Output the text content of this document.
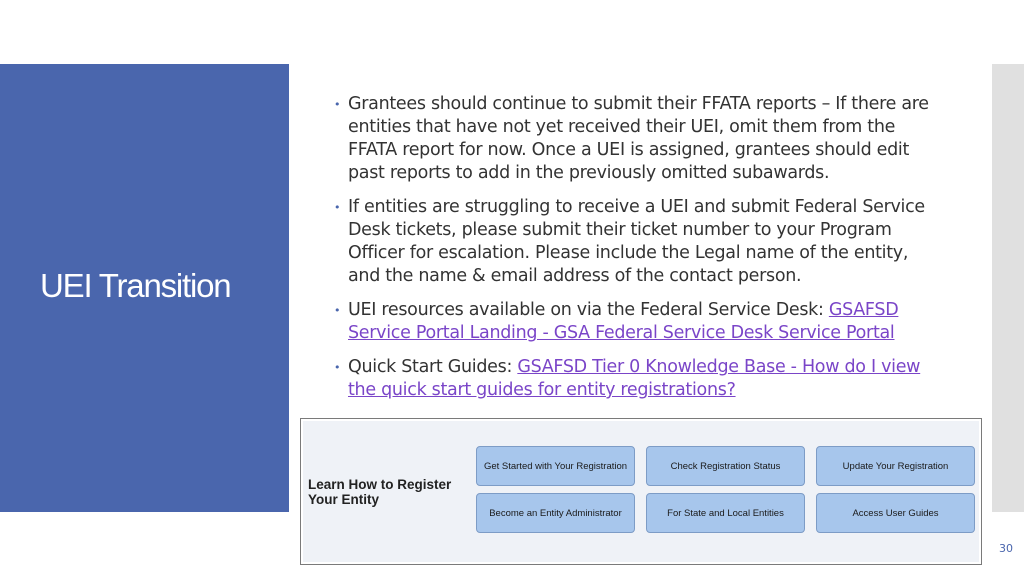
UEI Transition
• Grantees should continue to submit their FFATA reports – If there are entities that have not yet received their UEI, omit them from the FFATA report for now. Once a UEI is assigned, grantees should edit past reports to add in the previously omitted subawards.
• If entities are struggling to receive a UEI and submit Federal Service Desk tickets, please submit their ticket number to your Program Officer for escalation. Please include the Legal name of the entity, and the name & email address of the contact person.
• UEI resources available on via the Federal Service Desk: GSAFSD Service Portal Landing - GSA Federal Service Desk Service Portal
• Quick Start Guides: GSAFSD Tier 0 Knowledge Base - How do I view the quick start guides for entity registrations?
Learn How to Register Your Entity
Get Started with Your Registration	Check Registration Status	Update Your Registration
Become an Entity Administrator	For State and Local Entities	Access User Guides
30
